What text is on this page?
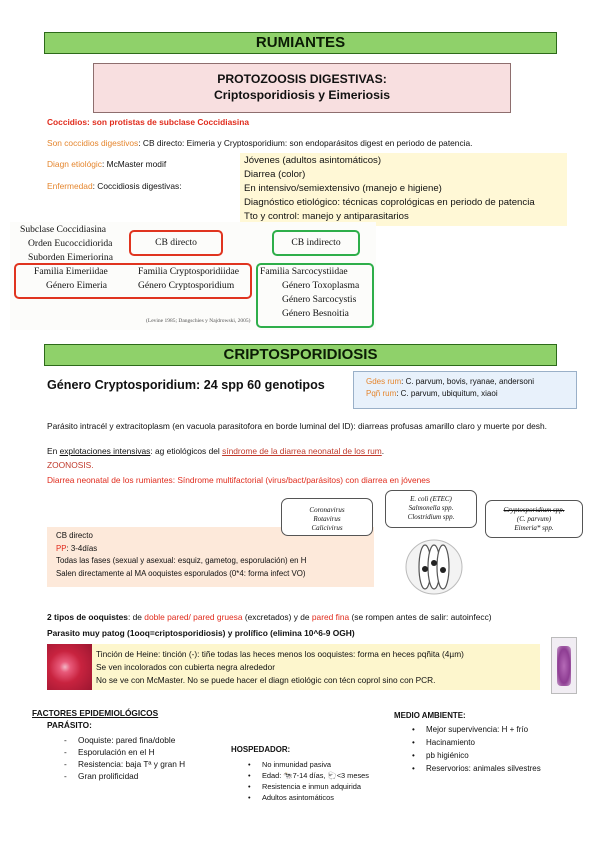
RUMIANTES
PROTOZOOSIS DIGESTIVAS:
Criptosporidiosis y Eimeriosis
Coccidios: son protistas de subclase Coccidiasina
Son coccidios digestivos: CB directo: Eimeria y Cryptosporidium: son endoparásitos digest en periodo de patencia.
Diagn etiológic: McMaster modif
Enfermedad: Coccidiosis digestivas:
Jóvenes (adultos asintomáticos)
Diarrea (color)
En intensivo/semiextensivo (manejo e higiene)
Diagnóstico etiológico: técnicas coprológicas en periodo de patencia
Tto y control: manejo y antiparasitarios
Subclase Coccidiasina
Orden Eucoccidiorida
Suborden Eimeriorina
CB directo	CB indirecto
Familia Eimeriidae
Género Eimeria
Familia Cryptosporidiidae
Género Cryptosporidium
Familia Sarcocystiidae
Género Toxoplasma
Género Sarcocystis
Género Besnoitia
(Levine 1985; Dangschies y Najdrowski, 2005)
CRIPTOSPORIDIOSIS
Género Cryptosporidium: 24 spp 60 genotipos	Gdes rum: C. parvum, bovis, ryanae, andersoni
Pqñ rum: C. parvum, ubiquitum, xiaoi
Parásito intracél y extracitoplasm (en vacuola parasitofora en borde luminal del ID): diarreas profusas amarillo claro y muerte por desh.
En explotaciones intensivas: ag etiológicos del síndrome de la diarrea neonatal de los rum.
ZOONOSIS.
Diarrea neonatal de los rumiantes: Síndrome multifactorial (virus/bact/parásitos) con diarrea en jóvenes
CB directo
PP: 3-4días
Todas las fases (sexual y asexual: esquiz, gametog, esporulación) en H
Salen directamente al MA ooquistes esporulados (0*4: forma infect VO)
Coronavirus
Rotavirus
Calicivirus
E. coli (ETEC)
Salmonella spp.
Clostridium spp.
Cryptosporidium spp.
(C. parvum)
Eimeria* spp.
2 tipos de ooquistes: de doble pared/ pared gruesa (excretados) y de pared fina (se rompen antes de salir: autoinfecc)
Parasito muy patog (1ooq=criptosporidiosis) y prolífico (elimina 10^6-9 OGH)
Tinción de Heine: tinción (-): tiñe todas las heces menos los ooquistes: forma en heces pqñita (4µm)
Se ven incolorados con cubierta negra alrededor
No se ve con McMaster. No se puede hacer el diagn etiológic con técn coprol sino con PCR.
FACTORES EPIDEMIOLÓGICOS
PARÁSITO:
- Ooquiste: pared fina/doble
- Esporulación en el H
- Resistencia: baja Tª y gran H
- Gran prolificidad
HOSPEDADOR:
• No inmunidad pasiva
• Edad: 🐄7-14 días, 🐑<3 meses
• Resistencia e inmun adquirida
• Adultos asintomáticos
MEDIO AMBIENTE:
• Mejor supervivencia: H + frío
• Hacinamiento
• pb higiénico
• Reservorios: animales silvestres
